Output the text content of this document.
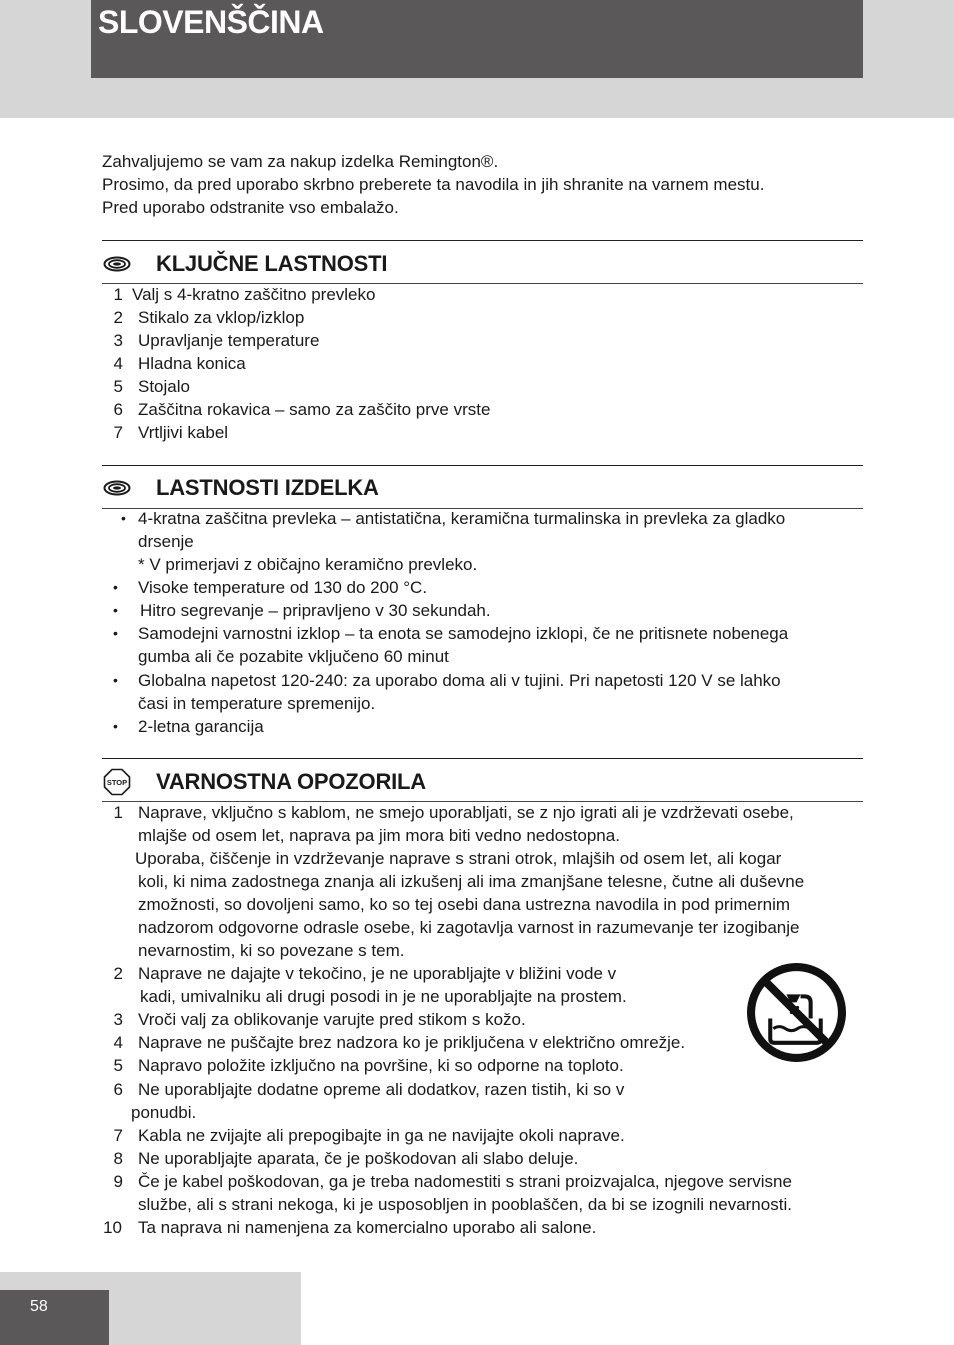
SLOVENŠČINA
Zahvaljujemo se vam za nakup izdelka Remington®.
Prosimo, da pred uporabo skrbno preberete ta navodila in jih shranite na varnem mestu.
Pred uporabo odstranite vso embalažo.
KLJUČNE LASTNOSTI
1 Valj s 4-kratno zaščitno prevleko
2 Stikalo za vklop/izklop
3 Upravljanje temperature
4 Hladna konica
5 Stojalo
6 Zaščitna rokavica – samo za zaščito prve vrste
7 Vrtljivi kabel
LASTNOSTI IZDELKA
• 4-kratna zaščitna prevleka – antistatična, keramična turmalinska in prevleka za gladko
drsenje
* V primerjavi z običajno keramično prevleko.
• Visoke temperature od 130 do 200 °C.
• Hitro segrevanje – pripravljeno v 30 sekundah.
• Samodejni varnostni izklop – ta enota se samodejno izklopi, če ne pritisnete nobenega
gumba ali če pozabite vključeno 60 minut
• Globalna napetost 120-240: za uporabo doma ali v tujini. Pri napetosti 120 V se lahko
časi in temperature spremenijo.
• 2-letna garancija
STOP VARNOSTNA OPOZORILA
1 Naprave, vključno s kablom, ne smejo uporabljati, se z njo igrati ali je vzdrževati osebe,
mlajše od osem let, naprava pa jim mora biti vedno nedostopna.
Uporaba, čiščenje in vzdrževanje naprave s strani otrok, mlajših od osem let, ali kogar
koli, ki nima zadostnega znanja ali izkušenj ali ima zmanjšane telesne, čutne ali duševne
zmožnosti, so dovoljeni samo, ko so tej osebi dana ustrezna navodila in pod primernim
nadzorom odgovorne odrasle osebe, ki zagotavlja varnost in razumevanje ter izogibanje
nevarnostim, ki so povezane s tem.
2 Naprave ne dajajte v tekočino, je ne uporabljajte v bližini vode v
kadi, umivalniku ali drugi posodi in je ne uporabljajte na prostem.
3 Vroči valj za oblikovanje varujte pred stikom s kožo.
4 Naprave ne puščajte brez nadzora ko je priključena v električno omrežje.
5 Napravo položite izključno na površine, ki so odporne na toploto.
6 Ne uporabljajte dodatne opreme ali dodatkov, razen tistih, ki so v
ponudbi.
7 Kabla ne zvijajte ali prepogibajte in ga ne navijajte okoli naprave.
8 Ne uporabljajte aparata, če je poškodovan ali slabo deluje.
9 Če je kabel poškodovan, ga je treba nadomestiti s strani proizvajalca, njegove servisne
službe, ali s strani nekoga, ki je usposobljen in pooblaščen, da bi se izognili nevarnosti.
10 Ta naprava ni namenjena za komercialno uporabo ali salone.
58
